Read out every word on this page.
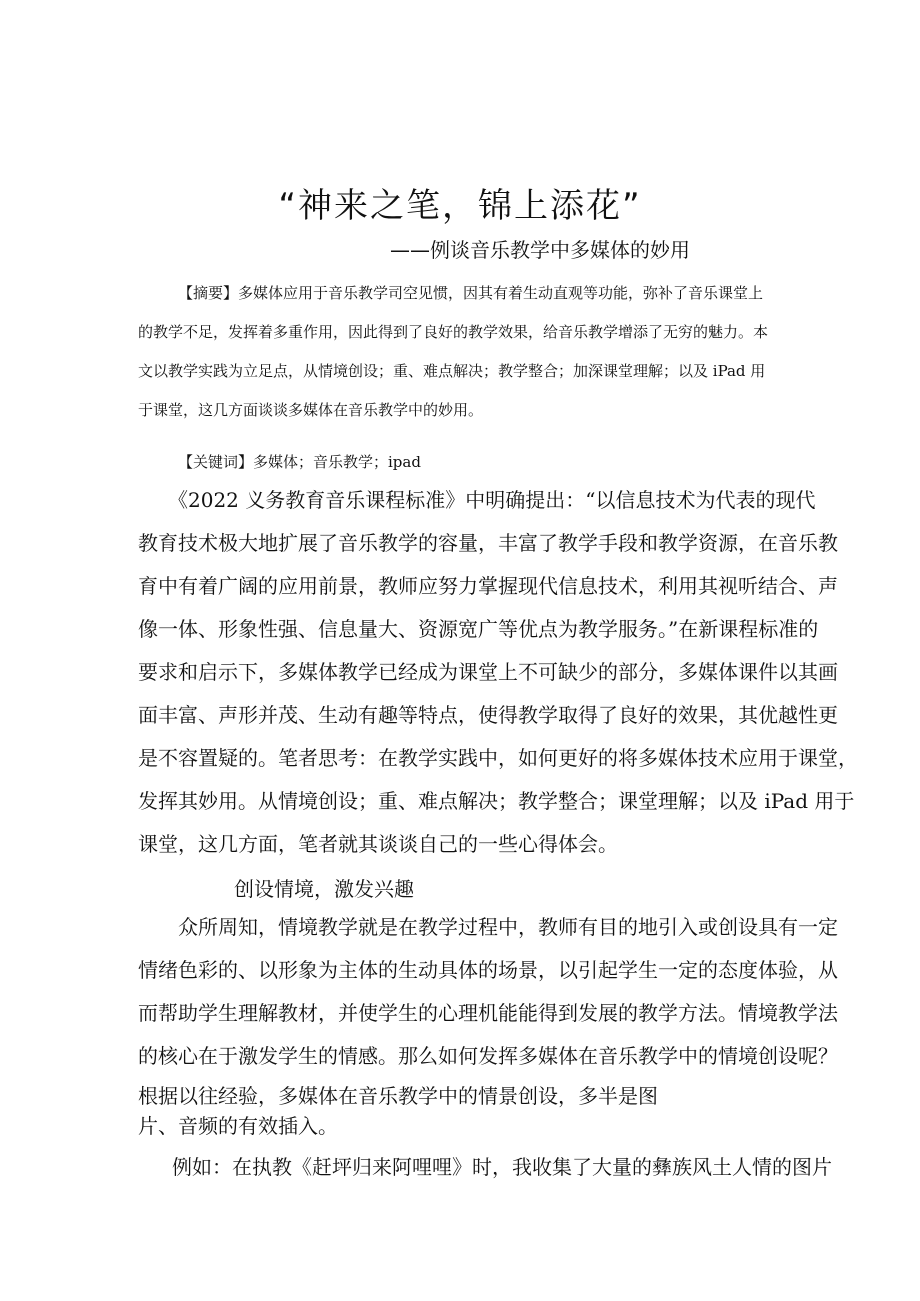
“神来之笔，锦上添花”
——例谈音乐教学中多媒体的妙用
【摘要】多媒体应用于音乐教学司空见惯，因其有着生动直观等功能，弥补了音乐课堂上
的教学不足，发挥着多重作用，因此得到了良好的教学效果，给音乐教学增添了无穷的魅力。本
文以教学实践为立足点，从情境创设；重、难点解决；教学整合；加深课堂理解；以及 iPad 用
于课堂，这几方面谈谈多媒体在音乐教学中的妙用。
【关键词】多媒体；音乐教学；ipad
《2022 义务教育音乐课程标准》中明确提出：“以信息技术为代表的现代
教育技术极大地扩展了音乐教学的容量，丰富了教学手段和教学资源，在音乐教
育中有着广阔的应用前景，教师应努力掌握现代信息技术，利用其视听结合、声
像一体、形象性强、信息量大、资源宽广等优点为教学服务。”在新课程标准的
要求和启示下，多媒体教学已经成为课堂上不可缺少的部分，多媒体课件以其画
面丰富、声形并茂、生动有趣等特点，使得教学取得了良好的效果，其优越性更
是不容置疑的。笔者思考：在教学实践中，如何更好的将多媒体技术应用于课堂，
发挥其妙用。从情境创设；重、难点解决；教学整合；课堂理解；以及 iPad 用于
课堂，这几方面，笔者就其谈谈自己的一些心得体会。
创设情境，激发兴趣
众所周知，情境教学就是在教学过程中，教师有目的地引入或创设具有一定
情绪色彩的、以形象为主体的生动具体的场景，以引起学生一定的态度体验，从
而帮助学生理解教材，并使学生的心理机能能得到发展的教学方法。情境教学法
的核心在于激发学生的情感。那么如何发挥多媒体在音乐教学中的情境创设呢？
根据以往经验，多媒体在音乐教学中的情景创设，多半是图
片、音频的有效插入。
例如：在执教《赶坪归来阿哩哩》时，我收集了大量的彝族风土人情的图片
